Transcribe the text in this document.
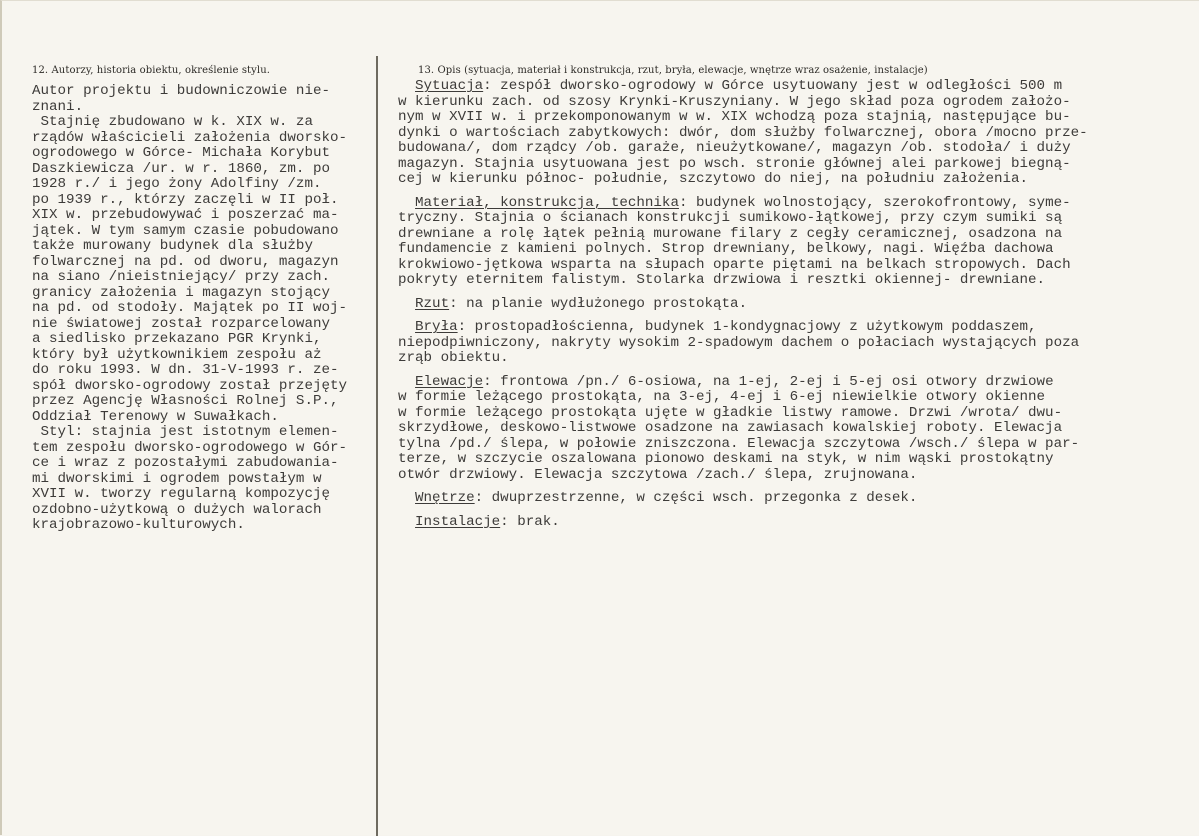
12. Autorzy, historia obiektu, określenie stylu.	13. Opis (sytuacja, materiał i konstrukcja, rzut, bryła, elewacje, wnętrze wraz osażenie, instalacje)
Autor projektu i budowniczowie nie-
znani.
Stajnię zbudowano w k. XIX w. za
rządów właścicieli założenia dworsko-
ogrodowego w Górce- Michała Korybut
Daszkiewicza /ur. w r. 1860, zm. po
1928 r./ i jego żony Adolfiny /zm.
po 1939 r., którzy zaczęli w II poł.
XIX w. przebudowywać i poszerzać ma-
jątek. W tym samym czasie pobudowano
także murowany budynek dla służby
folwarcznej na pd. od dworu, magazyn
na siano /nieistniejący/ przy zach.
granicy założenia i magazyn stojący
na pd. od stodoły. Majątek po II woj-
nie światowej został rozparcelowany
a siedlisko przekazano PGR Krynki,
który był użytkownikiem zespołu aż
do roku 1993. W dn. 31-V-1993 r. ze-
spół dworsko-ogrodowy został przejęty
przez Agencję Własności Rolnej S.P.,
Oddział Terenowy w Suwałkach.
Styl: stajnia jest istotnym elemen-
tem zespołu dworsko-ogrodowego w Gór-
ce i wraz z pozostałymi zabudowania-
mi dworskimi i ogrodem powstałym w
XVII w. tworzy regularną kompozycję
ozdobno-użytkową o dużych walorach
krajobrazowo-kulturowych.
Sytuacja: zespół dworsko-ogrodowy w Górce usytuowany jest w odległości 500 m
w kierunku zach. od szosy Krynki-Kruszyniany. W jego skład poza ogrodem założo-
nym w XVII w. i przekomponowanym w w. XIX wchodzą poza stajnią, następujące bu-
dynki o wartościach zabytkowych: dwór, dom służby folwarcznej, obora /mocno prze-
budowana/, dom rządcy /ob. garaże, nieużytkowane/, magazyn /ob. stodoła/ i duży
magazyn. Stajnia usytuowana jest po wsch. stronie głównej alei parkowej biegną-
cej w kierunku północ- południe, szczytowo do niej, na południu założenia.
Materiał, konstrukcja, technika: budynek wolnostojący, szerokofrontowy, syme-
tryczny. Stajnia o ścianach konstrukcji sumikowo-łątkowej, przy czym sumiki są
drewniane a rolę łątek pełnią murowane filary z cegły ceramicznej, osadzona na
fundamencie z kamieni polnych. Strop drewniany, belkowy, nagi. Więźba dachowa
krokwiowo-jętkowa wsparta na słupach oparte piętami na belkach stropowych. Dach
pokryty eternitem falistym. Stolarka drzwiowa i resztki okiennej- drewniane.
Rzut: na planie wydłużonego prostokąta.
Bryła: prostopadłościenna, budynek 1-kondygnacjowy z użytkowym poddaszem,
niepodpiwniczony, nakryty wysokim 2-spadowym dachem o połaciach wystających poza
zrąb obiektu.
Elewacje: frontowa /pn./ 6-osiowa, na 1-ej, 2-ej i 5-ej osi otwory drzwiowe
w formie leżącego prostokąta, na 3-ej, 4-ej i 6-ej niewielkie otwory okienne
w formie leżącego prostokąta ujęte w gładkie listwy ramowe. Drzwi /wrota/ dwu-
skrzydłowe, deskowo-listwowe osadzone na zawiasach kowalskiej roboty. Elewacja
tylna /pd./ ślepa, w połowie zniszczona. Elewacja szczytowa /wsch./ ślepa w par-
terze, w szczycie oszalowana pionowo deskami na styk, w nim wąski prostokątny
otwór drzwiowy. Elewacja szczytowa /zach./ ślepa, zrujnowana.
Wnętrze: dwuprzestrzenne, w części wsch. przegonka z desek.
Instalacje: brak.
